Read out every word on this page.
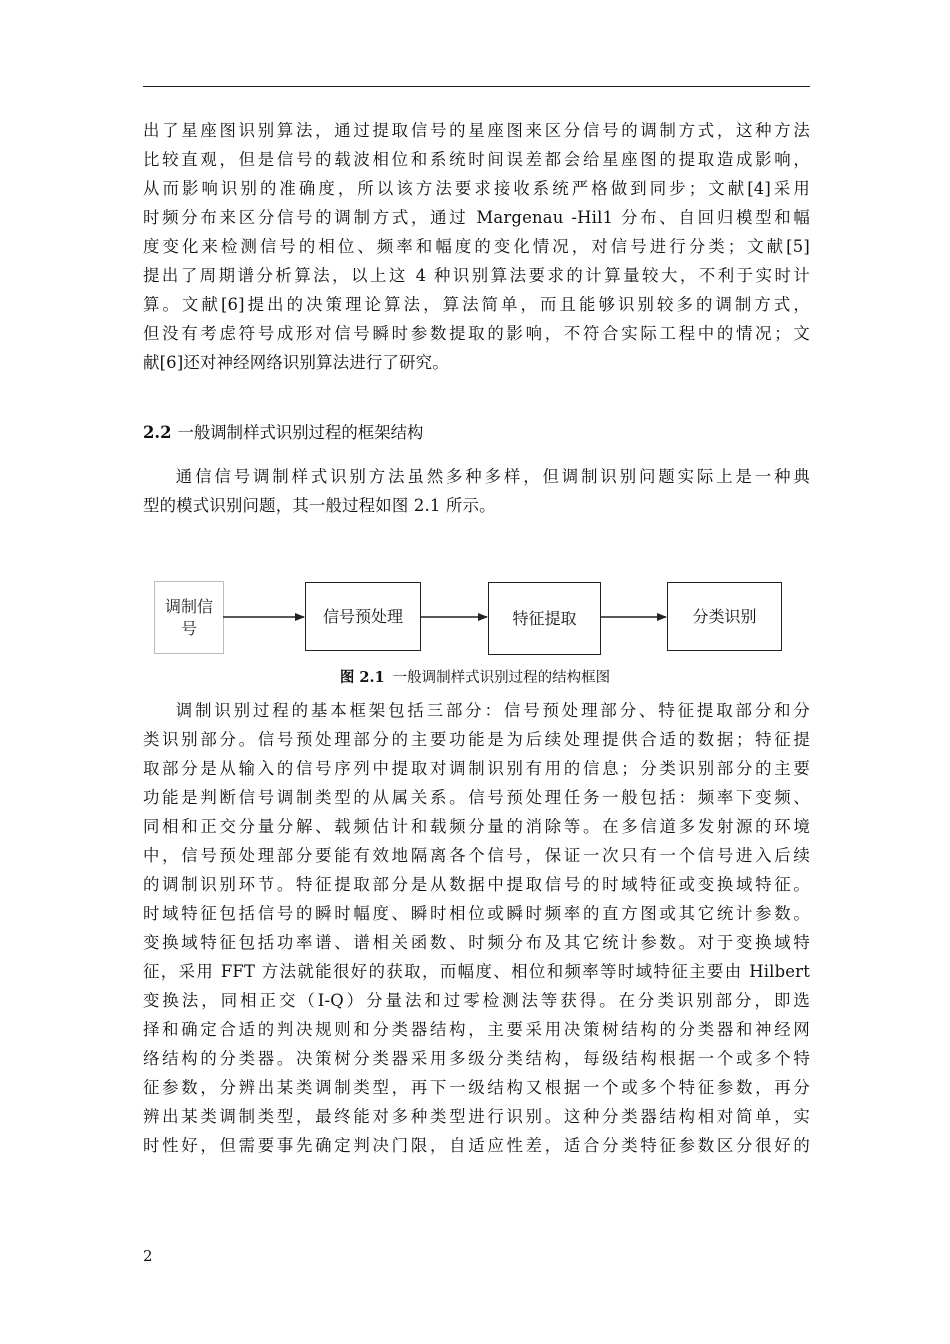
出了星座图识别算法，通过提取信号的星座图来区分信号的调制方式，这种方法

比较直观，但是信号的载波相位和系统时间误差都会给星座图的提取造成影响，

从而影响识别的准确度，所以该方法要求接收系统严格做到同步；文献[4]采用

时频分布来区分信号的调制方式，通过 Margenau -Hil1 分布、自回归模型和幅

度变化来检测信号的相位、频率和幅度的变化情况，对信号进行分类；文献[5]

提出了周期谱分析算法，以上这 4 种识别算法要求的计算量较大，不利于实时计

算。文献[6]提出的决策理论算法，算法简单，而且能够识别较多的调制方式，

但没有考虑符号成形对信号瞬时参数提取的影响，不符合实际工程中的情况；文

献[6]还对神经网络识别算法进行了研究。

2.2 一般调制样式识别过程的框架结构

通信信号调制样式识别方法虽然多种多样，但调制识别问题实际上是一种典

型的模式识别问题，其一般过程如图 2.1 所示。

调制信号
信号预处理	特征提取	分类识别

图 2.1 一般调制样式识别过程的结构框图

调制识别过程的基本框架包括三部分：信号预处理部分、特征提取部分和分

类识别部分。信号预处理部分的主要功能是为后续处理提供合适的数据；特征提

取部分是从输入的信号序列中提取对调制识别有用的信息；分类识别部分的主要

功能是判断信号调制类型的从属关系。信号预处理任务一般包括：频率下变频、

同相和正交分量分解、载频估计和载频分量的消除等。在多信道多发射源的环境

中，信号预处理部分要能有效地隔离各个信号，保证一次只有一个信号进入后续

的调制识别环节。特征提取部分是从数据中提取信号的时域特征或变换域特征。

时域特征包括信号的瞬时幅度、瞬时相位或瞬时频率的直方图或其它统计参数。

变换域特征包括功率谱、谱相关函数、时频分布及其它统计参数。对于变换域特

征，采用 FFT 方法就能很好的获取，而幅度、相位和频率等时域特征主要由 Hilbert

变换法，同相正交（I-Q）分量法和过零检测法等获得。在分类识别部分，即选

择和确定合适的判决规则和分类器结构，主要采用决策树结构的分类器和神经网

络结构的分类器。决策树分类器采用多级分类结构，每级结构根据一个或多个特

征参数，分辨出某类调制类型，再下一级结构又根据一个或多个特征参数，再分

辨出某类调制类型，最终能对多种类型进行识别。这种分类器结构相对简单，实

时性好，但需要事先确定判决门限，自适应性差，适合分类特征参数区分很好的

2
